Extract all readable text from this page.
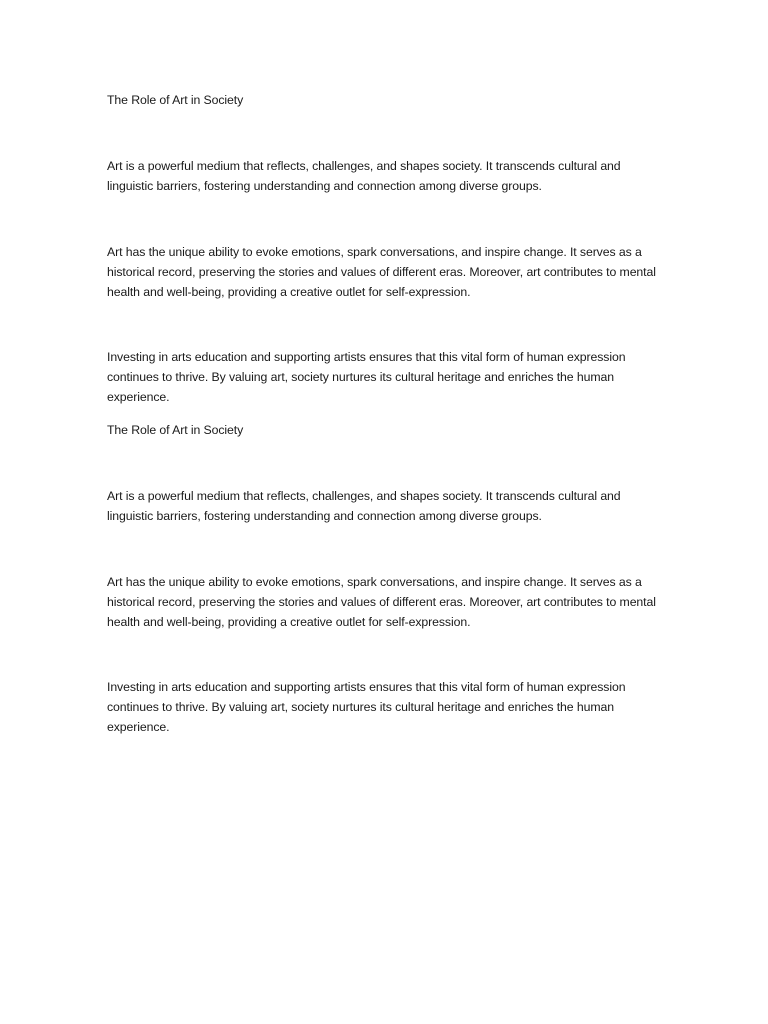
The Role of Art in Society

Art is a powerful medium that reflects, challenges, and shapes society. It transcends cultural and linguistic barriers, fostering understanding and connection among diverse groups.

Art has the unique ability to evoke emotions, spark conversations, and inspire change. It serves as a historical record, preserving the stories and values of different eras. Moreover, art contributes to mental health and well-being, providing a creative outlet for self-expression.

Investing in arts education and supporting artists ensures that this vital form of human expression continues to thrive. By valuing art, society nurtures its cultural heritage and enriches the human experience.

The Role of Art in Society

Art is a powerful medium that reflects, challenges, and shapes society. It transcends cultural and linguistic barriers, fostering understanding and connection among diverse groups.

Art has the unique ability to evoke emotions, spark conversations, and inspire change. It serves as a historical record, preserving the stories and values of different eras. Moreover, art contributes to mental health and well-being, providing a creative outlet for self-expression.

Investing in arts education and supporting artists ensures that this vital form of human expression continues to thrive. By valuing art, society nurtures its cultural heritage and enriches the human experience.
